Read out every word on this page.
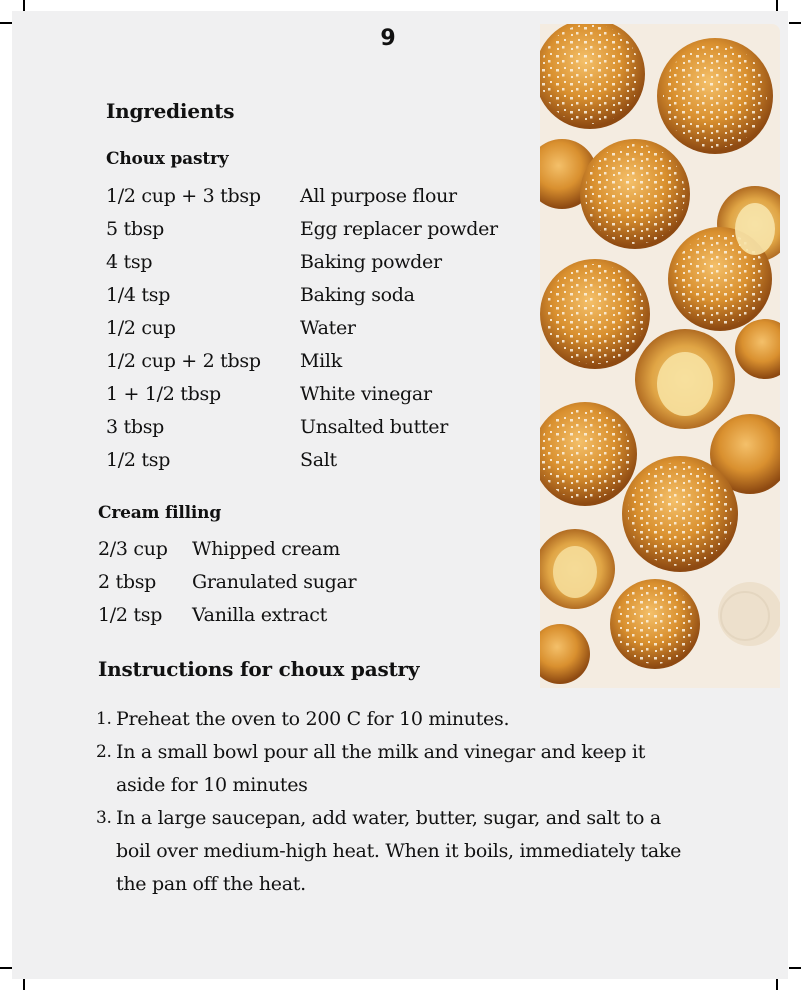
9
Ingredients
Choux pastry
1/2 cup + 3 tbsp All purpose flour
5 tbsp	Egg replacer powder
4 tsp	Baking powder
1/4 tsp	Baking soda
1/2 cup	Water
1/2 cup + 2 tbsp Milk
1 + 1/2 tbsp	White vinegar
3 tbsp	Unsalted butter
1/2 tsp	Salt
Cream filling
2/3 cup Whipped cream
2 tbsp Granulated sugar
1/2 tsp Vanilla extract
Instructions for choux pastry
1. Preheat the oven to 200 C for 10 minutes.
2. In a small bowl pour all the milk and vinegar and keep it aside for 10 minutes
3. In a large saucepan, add water, butter, sugar, and salt to a boil over medium-high heat. When it boils, immediately take the pan off the heat.
